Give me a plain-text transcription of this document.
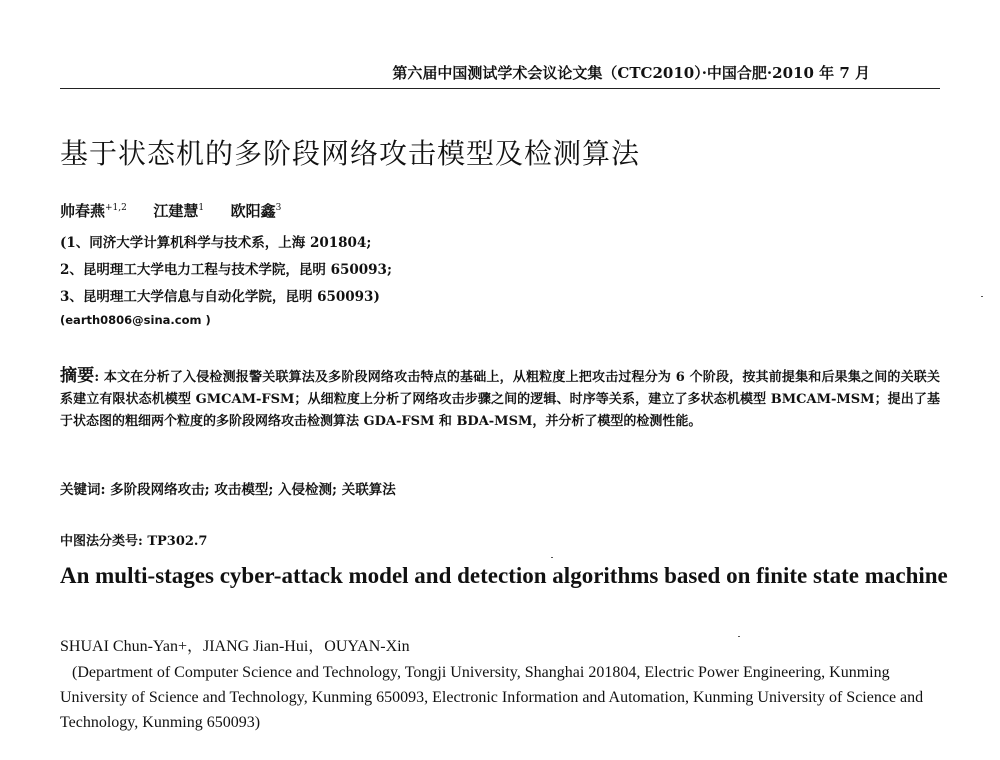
第六届中国测试学术会议论文集（CTC2010）·中国合肥·2010 年 7 月
基于状态机的多阶段网络攻击模型及检测算法
帅春燕$^{+1,2}$ 江建慧$^1$ 欧阳鑫$^3$
(1、同济大学计算机科学与技术系，上海 201804;
2、昆明理工大学电力工程与技术学院，昆明 650093;
3、昆明理工大学信息与自动化学院，昆明 650093)
(earth0806@sina.com )
摘要: 本文在分析了入侵检测报警关联算法及多阶段网络攻击特点的基础上，从粗粒度上把攻击过程分为 6 个阶段，按其前提集和后果集之间的关联关系建立有限状态机模型 GMCAM-FSM；从细粒度上分析了网络攻击步骤之间的逻辑、时序等关系，建立了多状态机模型 BMCAM-MSM；提出了基于状态图的粗细两个粒度的多阶段网络攻击检测算法 GDA-FSM 和 BDA-MSM，并分析了模型的检测性能。
关键词: 多阶段网络攻击; 攻击模型; 入侵检测; 关联算法
中图法分类号: TP302.7
An multi-stages cyber-attack model and detection algorithms based on finite state machine
SHUAI Chun-Yan+，JIANG Jian-Hui，OUYAN-Xin
(Department of Computer Science and Technology, Tongji University, Shanghai 201804, Electric Power Engineering, Kunming University of Science and Technology, Kunming 650093, Electronic Information and Automation, Kunming University of Science and Technology, Kunming 650093)
